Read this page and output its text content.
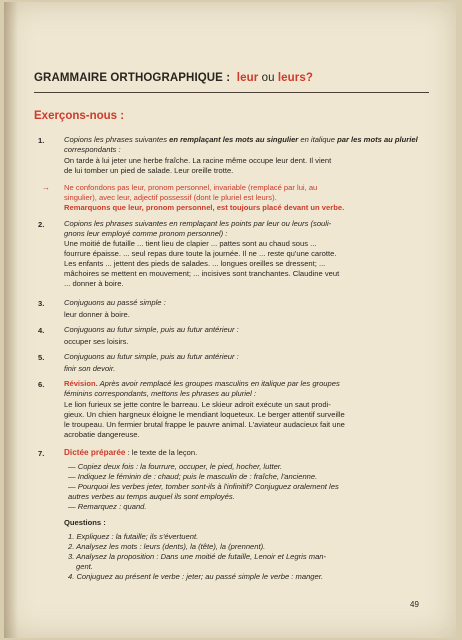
GRAMMAIRE ORTHOGRAPHIQUE : leur ou leurs?
Exerçons-nous :
1.	Copions les phrases suivantes en remplaçant les mots au singulier en italique par les mots au pluriel correspondants :

On tarde à lui jeter une herbe fraîche. La racine même occupe leur dent. Il vient

de lui tomber un pied de salade. Leur oreille trotte.

→ Ne confondons pas leur, pronom personnel, invariable (remplacé par lui, au

singulier), avec leur, adjectif possessif (dont le pluriel est leurs).

Remarquons que leur, pronom personnel, est toujours placé devant un verbe.

2.	Copions les phrases suivantes en remplaçant les points par leur ou leurs (souli-

gnons leur employé comme pronom personnel) :

Une moitié de futaille ... tient lieu de clapier ... pattes sont au chaud sous ...

fourrure épaisse. ... seul repas dure toute la journée. Il ne ... reste qu'une carotte.

Les enfants ... jettent des pieds de salades. ... longues oreilles se dressent; ...

mâchoires se mettent en mouvement; ... incisives sont tranchantes. Claudine veut

... donner à boire.

3.	Conjuguons au passé simple :

leur donner à boire.

4.	Conjuguons au futur simple, puis au futur antérieur :

occuper ses loisirs.

5.	Conjuguons au futur simple, puis au futur antérieur :

finir son devoir.

6.	Révision. Après avoir remplacé les groupes masculins en italique par les groupes

féminins correspondants, mettons les phrases au pluriel :

Le lion furieux se jette contre le barreau. Le skieur adroit exécute un saut prodi-

gieux. Un chien hargneux éloigne le mendiant loqueteux. Le berger attentif surveille

le troupeau. Un fermier brutal frappe le pauvre animal. L'aviateur audacieux fait une

acrobatie dangereuse.

7.	Dictée préparée : le texte de la leçon.

— Copiez deux fois : la fourrure, occuper, le pied, hocher, lutter.

— Indiquez le féminin de : chaud; puis le masculin de : fraîche, l'ancienne.

— Pourquoi les verbes jeter, tomber sont-ils à l'infinitif? Conjuguez oralement les

autres verbes au temps auquel ils sont employés.

— Remarquez : quand.

Questions :

1. Expliquez : la futaille; ils s'évertuent.

2. Analysez les mots : leurs (dents), la (tête), la (prennent).

3. Analysez la proposition : Dans une moitié de futaille, Lenoir et Legris man-

gent.

4. Conjuguez au présent le verbe : jeter; au passé simple le verbe : manger.

49
